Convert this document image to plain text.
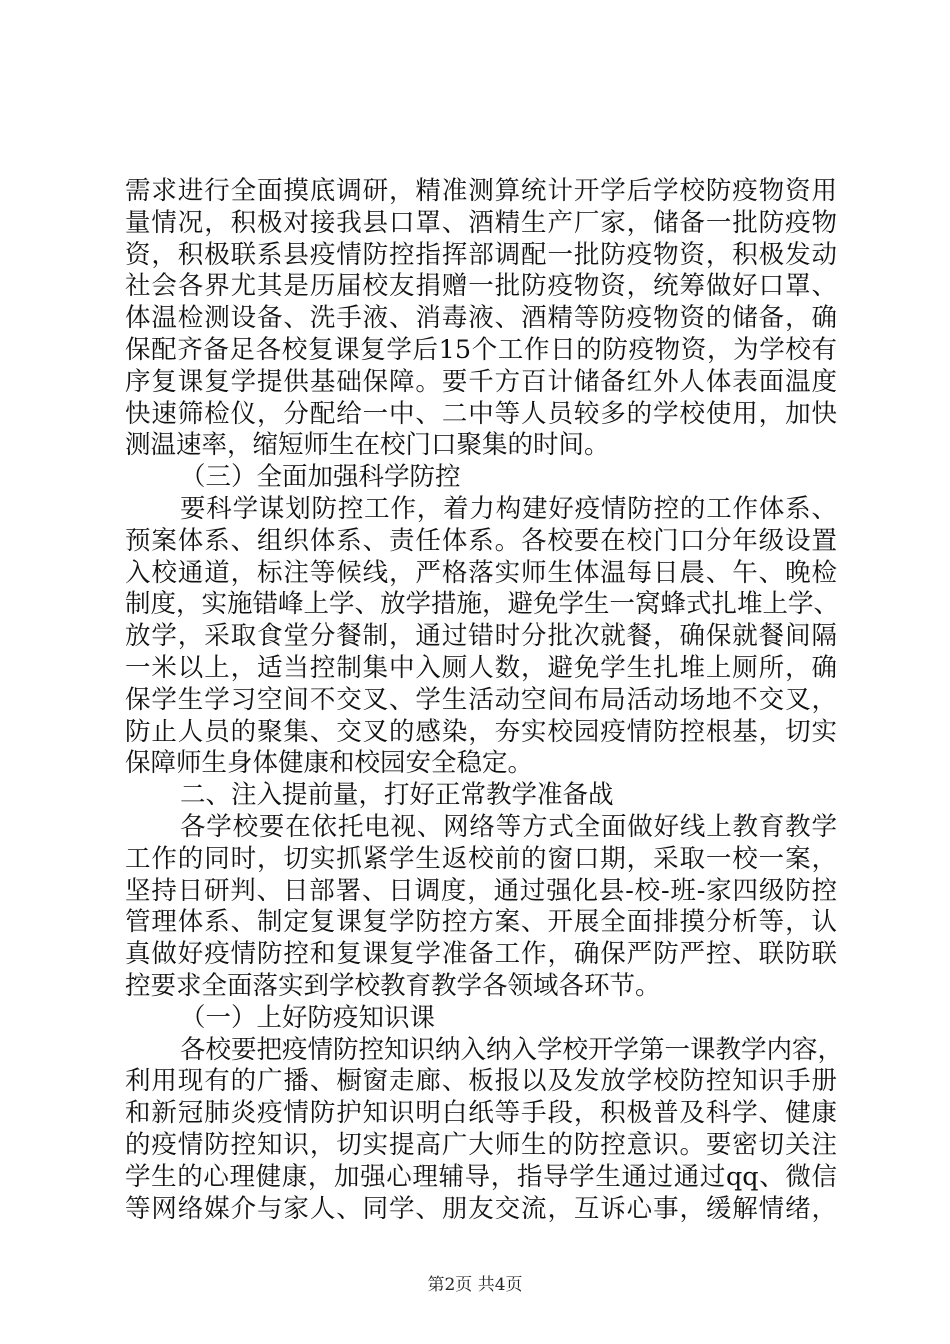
需求进行全面摸底调研，精准测算统计开学后学校防疫物资用
量情况，积极对接我县口罩、酒精生产厂家，储备一批防疫物
资，积极联系县疫情防控指挥部调配一批防疫物资，积极发动
社会各界尤其是历届校友捐赠一批防疫物资，统筹做好口罩、
体温检测设备、洗手液、消毒液、酒精等防疫物资的储备，确
保配齐备足各校复课复学后15个工作日的防疫物资，为学校有
序复课复学提供基础保障。要千方百计储备红外人体表面温度
快速筛检仪，分配给一中、二中等人员较多的学校使用，加快
测温速率，缩短师生在校门口聚集的时间。
（三）全面加强科学防控
要科学谋划防控工作，着力构建好疫情防控的工作体系、
预案体系、组织体系、责任体系。各校要在校门口分年级设置
入校通道，标注等候线，严格落实师生体温每日晨、午、晚检
制度，实施错峰上学、放学措施，避免学生一窝蜂式扎堆上学、
放学，采取食堂分餐制，通过错时分批次就餐，确保就餐间隔
一米以上，适当控制集中入厕人数，避免学生扎堆上厕所，确
保学生学习空间不交叉、学生活动空间布局活动场地不交叉，
防止人员的聚集、交叉的感染，夯实校园疫情防控根基，切实
保障师生身体健康和校园安全稳定。
二、注入提前量，打好正常教学准备战
各学校要在依托电视、网络等方式全面做好线上教育教学
工作的同时，切实抓紧学生返校前的窗口期，采取一校一案，
坚持日研判、日部署、日调度，通过强化县-校-班-家四级防控
管理体系、制定复课复学防控方案、开展全面排摸分析等，认
真做好疫情防控和复课复学准备工作，确保严防严控、联防联
控要求全面落实到学校教育教学各领域各环节。
（一）上好防疫知识课
各校要把疫情防控知识纳入纳入学校开学第一课教学内容，
利用现有的广播、橱窗走廊、板报以及发放学校防控知识手册
和新冠肺炎疫情防护知识明白纸等手段，积极普及科学、健康
的疫情防控知识，切实提高广大师生的防控意识。要密切关注
学生的心理健康，加强心理辅导，指导学生通过通过qq、微信
等网络媒介与家人、同学、朋友交流，互诉心事，缓解情绪，
第2页 共4页
